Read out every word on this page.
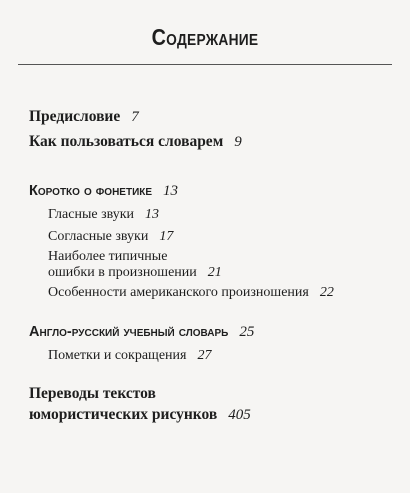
Содержание
Предисловие 7
Как пользоваться словарем 9
Коротко о фонетике 13
Гласные звуки 13
Согласные звуки 17
Наиболее типичные
ошибки в произношении 21
Особенности американского произношения 22
Англо-русский учебный словарь 25
Пометки и сокращения 27
Переводы текстов
юмористических рисунков 405
